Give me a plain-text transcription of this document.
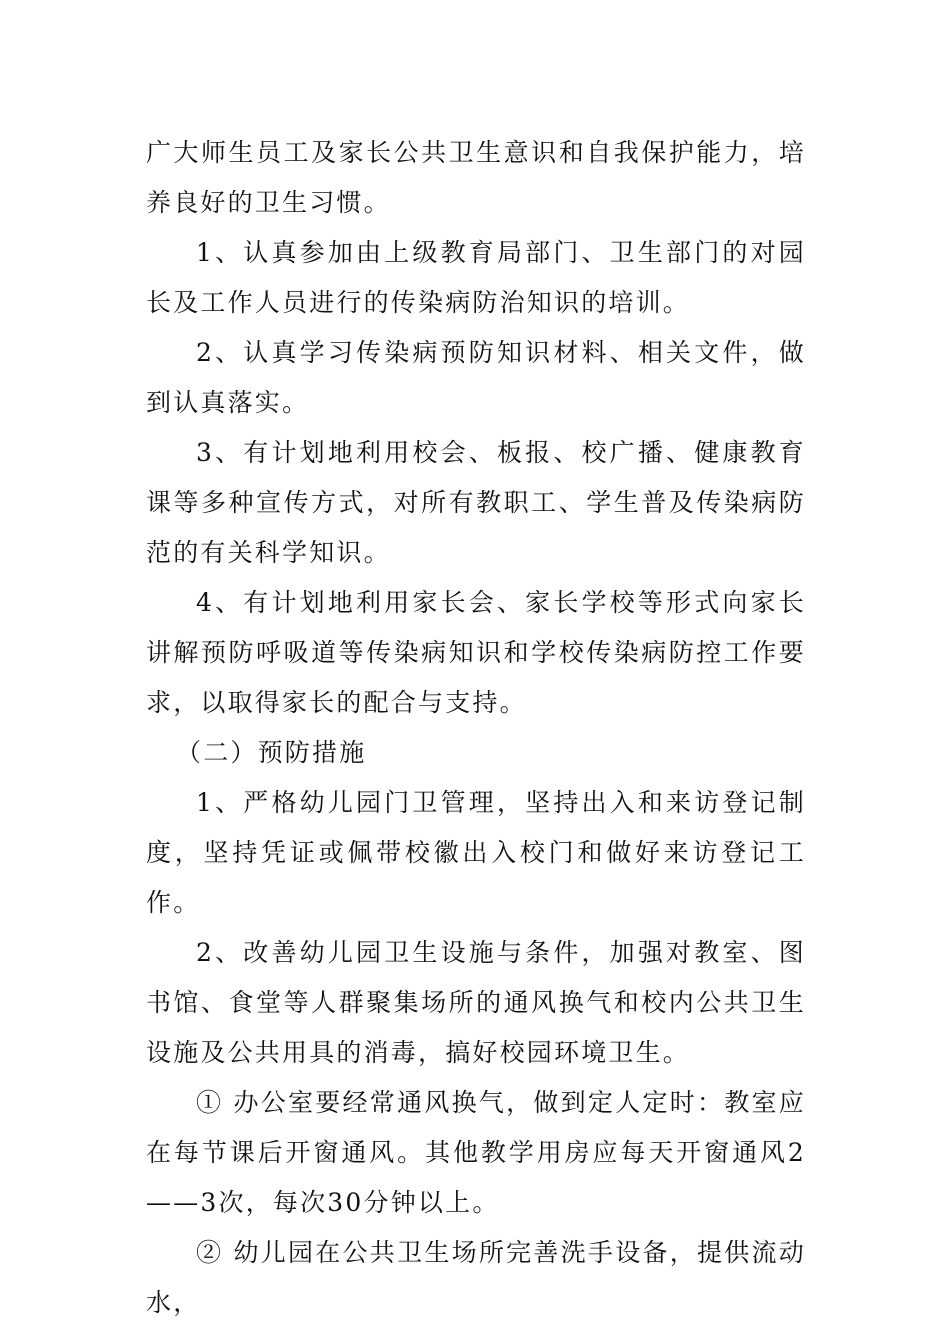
广大师生员工及家长公共卫生意识和自我保护能力，培养良好的卫生习惯。

1、认真参加由上级教育局部门、卫生部门的对园长及工作人员进行的传染病防治知识的培训。

2、认真学习传染病预防知识材料、相关文件，做到认真落实。

3、有计划地利用校会、板报、校广播、健康教育课等多种宣传方式，对所有教职工、学生普及传染病防范的有关科学知识。

4、有计划地利用家长会、家长学校等形式向家长讲解预防呼吸道等传染病知识和学校传染病防控工作要求，以取得家长的配合与支持。

（二）预防措施

1、严格幼儿园门卫管理，坚持出入和来访登记制度，坚持凭证或佩带校徽出入校门和做好来访登记工作。

2、改善幼儿园卫生设施与条件，加强对教室、图书馆、食堂等人群聚集场所的通风换气和校内公共卫生设施及公共用具的消毒，搞好校园环境卫生。

① 办公室要经常通风换气，做到定人定时：教室应在每节课后开窗通风。其他教学用房应每天开窗通风2——3次，每次30分钟以上。

② 幼儿园在公共卫生场所完善洗手设备，提供流动水，
